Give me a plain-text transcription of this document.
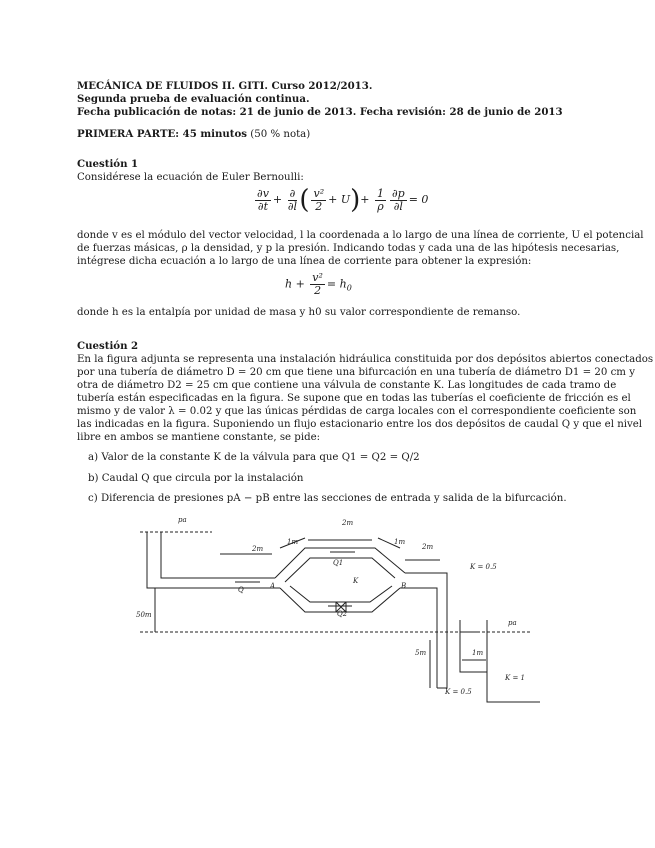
MECÁNICA DE FLUIDOS II. GITI. Curso 2012/2013.
Segunda prueba de evaluación continua.
Fecha publicación de notas: 21 de junio de 2013. Fecha revisión: 28 de junio de 2013
PRIMERA PARTE: 45 minutos (50 % nota)
Cuestión 1
Considérese la ecuación de Euler Bernoulli:
$\frac{\partial v}{\partial t} + \frac{\partial}{\partial l}$ ( $\frac{\text{v²}}{2} + U)+ \frac{1}{\rho} \frac{\partial p}{\partial l} = 0$
donde v es el módulo del vector velocidad, l la coordenada a lo largo de una línea de corriente, U el potencial
de fuerzas másicas, ρ la densidad, y p la presión. Indicando todas y cada una de las hipótesis necesarias,
intégrese dicha ecuación a lo largo de una línea de corriente para obtener la expresión:
$h + \frac{\text{v²}}{2} = h_0$
donde h es la entalpía por unidad de masa y h0 su valor correspondiente de remanso.
Cuestión 2
En la figura adjunta se representa una instalación hidráulica constituida por dos depósitos abiertos conectados
por una tubería de diámetro D = 20 cm que tiene una bifurcación en una tubería de diámetro D1 = 20 cm y
otra de diámetro D2 = 25 cm que contiene una válvula de constante K. Las longitudes de cada tramo de
tubería están especificadas en la figura. Se supone que en todas las tuberías el coeficiente de fricción es el
mismo y de valor λ = 0.02 y que las únicas pérdidas de carga locales con el correspondiente coeficiente son
las indicadas en la figura. Suponiendo un flujo estacionario entre los dos depósitos de caudal Q y que el nivel
libre en ambos se mantiene constante, se pide:
a) Valor de la constante K de la válvula para que Q1 = Q2 = Q/2
b) Caudal Q que circula por la instalación
c) Diferencia de presiones pA − pB entre las secciones de entrada y salida de la bifurcación.
pa
2m
1m
2m
1m
2m
K = 0.5
Q1
K
Q	A	B
Q2
50m
pa
5m	1m
K = 1
K = 0.5
